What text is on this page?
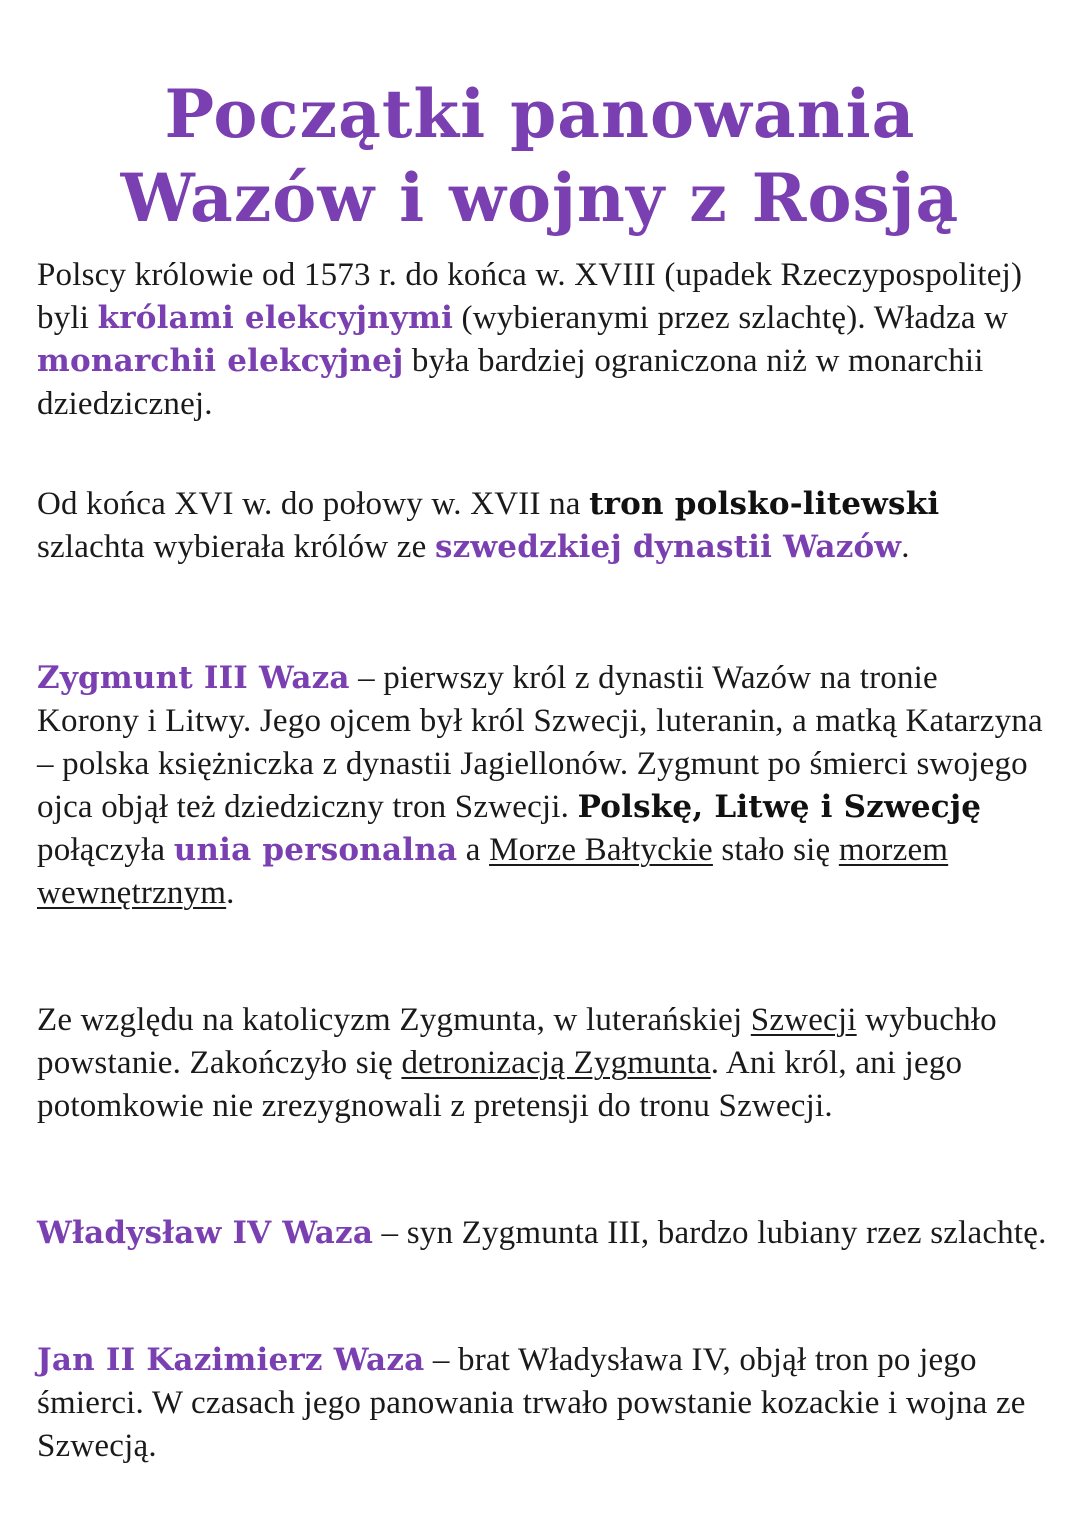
Początki panowania
Wazów i wojny z Rosją

Polscy królowie od 1573 r. do końca w. XVIII (upadek Rzeczypospolitej) byli królami elekcyjnymi (wybieranymi przez szlachtę). Władza w monarchii elekcyjnej była bardziej ograniczona niż w monarchii dziedzicznej.

Od końca XVI w. do połowy w. XVII na tron polsko-litewski szlachta wybierała królów ze szwedzkiej dynastii Wazów.

Zygmunt III Waza – pierwszy król z dynastii Wazów na tronie Korony i Litwy. Jego ojcem był król Szwecji, luteranin, a matką Katarzyna – polska księżniczka z dynastii Jagiellonów. Zygmunt po śmierci swojego ojca objął też dziedziczny tron Szwecji. Polskę, Litwę i Szwecję połączyła unia personalna a Morze Bałtyckie stało się morzem wewnętrznym.

Ze względu na katolicyzm Zygmunta, w luterańskiej Szwecji wybuchło powstanie. Zakończyło się detronizacją Zygmunta. Ani król, ani jego potomkowie nie zrezygnowali z pretensji do tronu Szwecji.

Władysław IV Waza – syn Zygmunta III, bardzo lubiany rzez szlachtę.

Jan II Kazimierz Waza – brat Władysława IV, objął tron po jego śmierci. W czasach jego panowania trwało powstanie kozackie i wojna ze Szwecją.
